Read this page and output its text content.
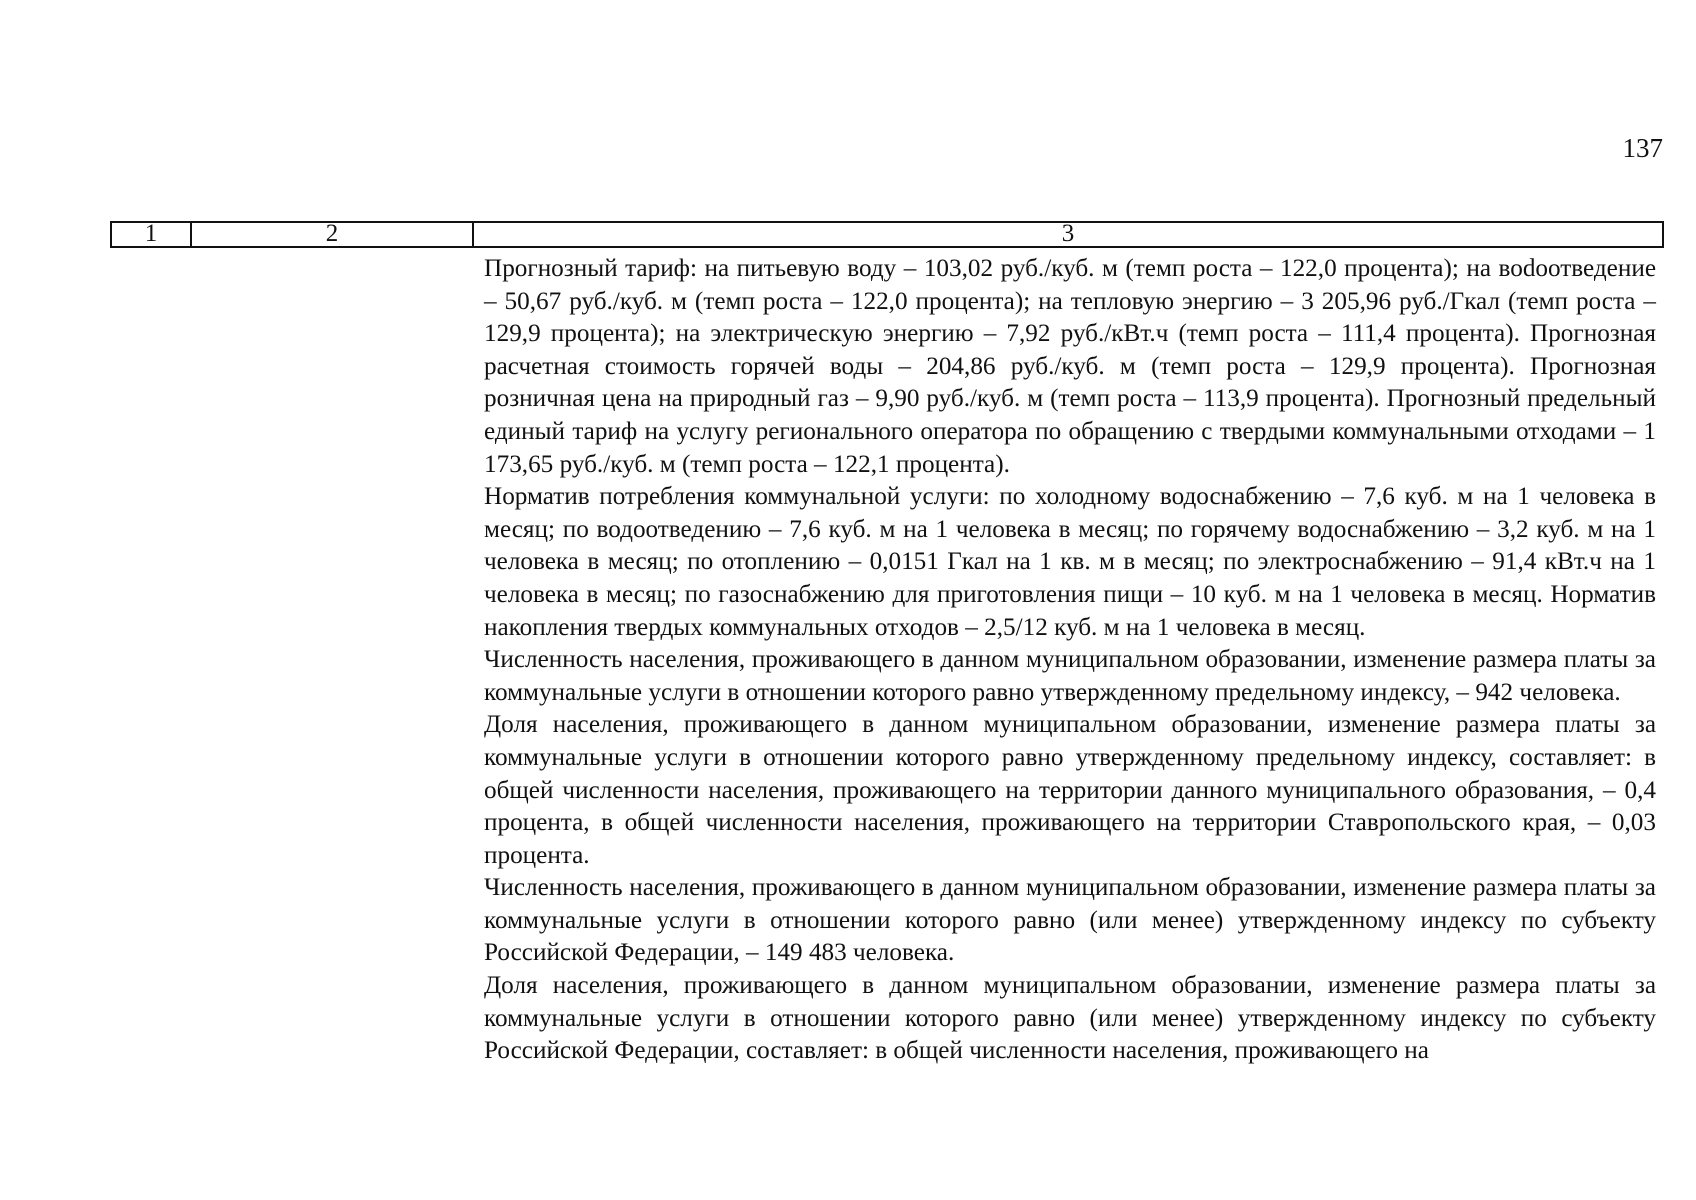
137
1	2	3

Прогнозный тариф: на питьевую воду – 103,02 руб./куб. м (темп роста – 122,0 процента); на воdоотведение – 50,67 руб./куб. м (темп роста – 122,0 процента); на тепловую энергию – 3 205,96 руб./Гкал (темп роста – 129,9 процента); на электрическую энергию – 7,92 руб./кВт.ч (темп роста – 111,4 процента). Прогнозная расчетная стоимость горячей воды – 204,86 руб./куб. м (темп роста – 129,9 процента). Прогнозная розничная цена на природный газ – 9,90 руб./куб. м (темп роста – 113,9 процента). Прогнозный предельный единый тариф на услугу регионального оператора по обращению с твердыми коммунальными отходами – 1 173,65 руб./куб. м (темп роста – 122,1 процента).

Норматив потребления коммунальной услуги: по холодному водоснабжению – 7,6 куб. м на 1 человека в месяц; по водоотведению – 7,6 куб. м на 1 человека в месяц; по горячему водоснабжению – 3,2 куб. м на 1 человека в месяц; по отоплению – 0,0151 Гкал на 1 кв. м в месяц; по электроснабжению – 91,4 кВт.ч на 1 человека в месяц; по газоснабжению для приготовления пищи – 10 куб. м на 1 человека в месяц. Норматив накопления твердых коммунальных отходов – 2,5/12 куб. м на 1 человека в месяц.

Численность населения, проживающего в данном муниципальном образовании, изменение размера платы за коммунальные услуги в отношении которого равно утвержденному предельному индексу, – 942 человека.

Доля населения, проживающего в данном муниципальном образовании, изменение размера платы за коммунальные услуги в отношении которого равно утвержденному предельному индексу, составляет: в общей численности населения, проживающего на территории данного муниципального образования, – 0,4 процента, в общей численности населения, проживающего на территории Ставропольского края, – 0,03 процента.

Численность населения, проживающего в данном муниципальном образовании, изменение размера платы за коммунальные услуги в отношении которого равно (или менее) утвержденному индексу по субъекту Российской Федерации, – 149 483 человека.

Доля населения, проживающего в данном муниципальном образовании, изменение размера платы за коммунальные услуги в отношении которого равно (или менее) утвержденному индексу по субъекту Российской Федерации, составляет: в общей численности населения, проживающего на
